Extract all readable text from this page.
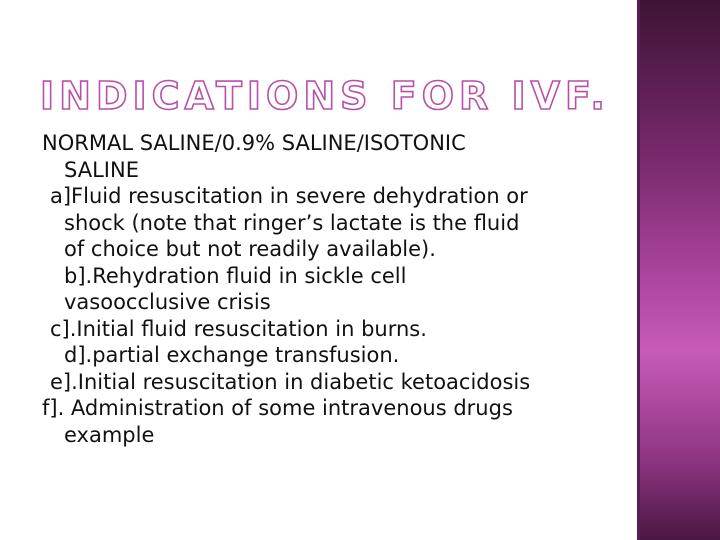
INDICATIONS FOR IVF.
NORMAL SALINE/0.9% SALINE/ISOTONIC
SALINE
a]Fluid resuscitation in severe dehydration or
shock (note that ringer’s lactate is the fluid
of choice but not readily available).
b].Rehydration fluid in sickle cell
vasoocclusive crisis
c].Initial fluid resuscitation in burns.
d].partial exchange transfusion.
e].Initial resuscitation in diabetic ketoacidosis
f]. Administration of some intravenous drugs
example
